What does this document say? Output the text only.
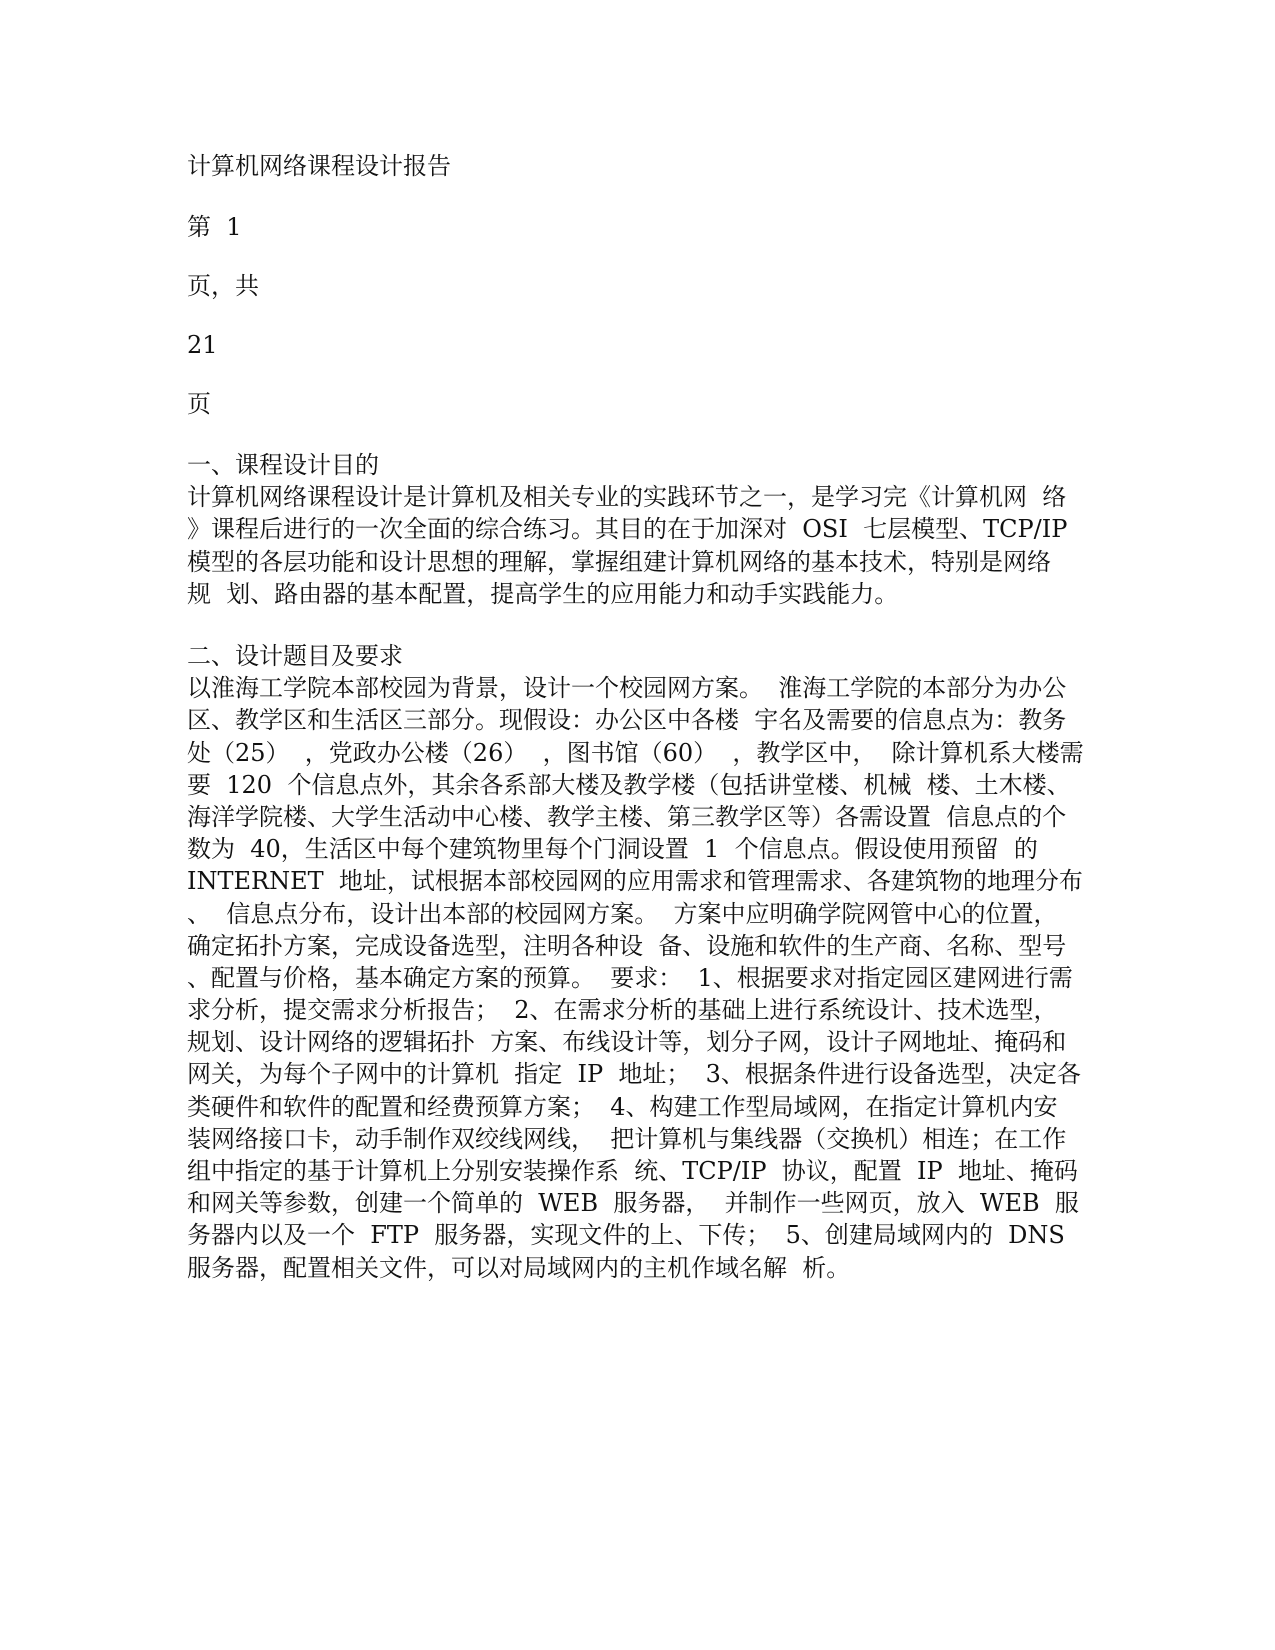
计算机网络课程设计报告
第  1
页，共
21
页
一、课程设计目的
计算机网络课程设计是计算机及相关专业的实践环节之一，是学习完《计算机网  络
》课程后进行的一次全面的综合练习。其目的在于加深对  OSI  七层模型、TCP/IP
模型的各层功能和设计思想的理解，掌握组建计算机网络的基本技术，特别是网络
规  划、路由器的基本配置，提高学生的应用能力和动手实践能力。
二、设计题目及要求
以淮海工学院本部校园为背景，设计一个校园网方案。  淮海工学院的本部分为办公
区、教学区和生活区三部分。现假设：办公区中各楼  宇名及需要的信息点为：教务
处（25）  ，党政办公楼（26）  ，图书馆（60）  ，教学区中，  除计算机系大楼需
要  120  个信息点外，其余各系部大楼及教学楼（包括讲堂楼、机械  楼、土木楼、
海洋学院楼、大学生活动中心楼、教学主楼、第三教学区等）各需设置  信息点的个
数为  40，生活区中每个建筑物里每个门洞设置  1  个信息点。假设使用预留  的
INTERNET  地址，试根据本部校园网的应用需求和管理需求、各建筑物的地理分布
、  信息点分布，设计出本部的校园网方案。  方案中应明确学院网管中心的位置，
确定拓扑方案，完成设备选型，注明各种设  备、设施和软件的生产商、名称、型号
、配置与价格，基本确定方案的预算。  要求：  1、根据要求对指定园区建网进行需
求分析，提交需求分析报告；  2、在需求分析的基础上进行系统设计、技术选型，
规划、设计网络的逻辑拓扑  方案、布线设计等，划分子网，设计子网地址、掩码和
网关，为每个子网中的计算机  指定  IP  地址；  3、根据条件进行设备选型，决定各
类硬件和软件的配置和经费预算方案；  4、构建工作型局域网，在指定计算机内安
装网络接口卡，动手制作双绞线网线，  把计算机与集线器（交换机）相连；在工作
组中指定的基于计算机上分别安装操作系  统、TCP/IP  协议，配置  IP  地址、掩码
和网关等参数，创建一个简单的  WEB  服务器，  并制作一些网页，放入  WEB  服
务器内以及一个  FTP  服务器，实现文件的上、下传；  5、创建局域网内的  DNS
服务器，配置相关文件，可以对局域网内的主机作域名解  析。
